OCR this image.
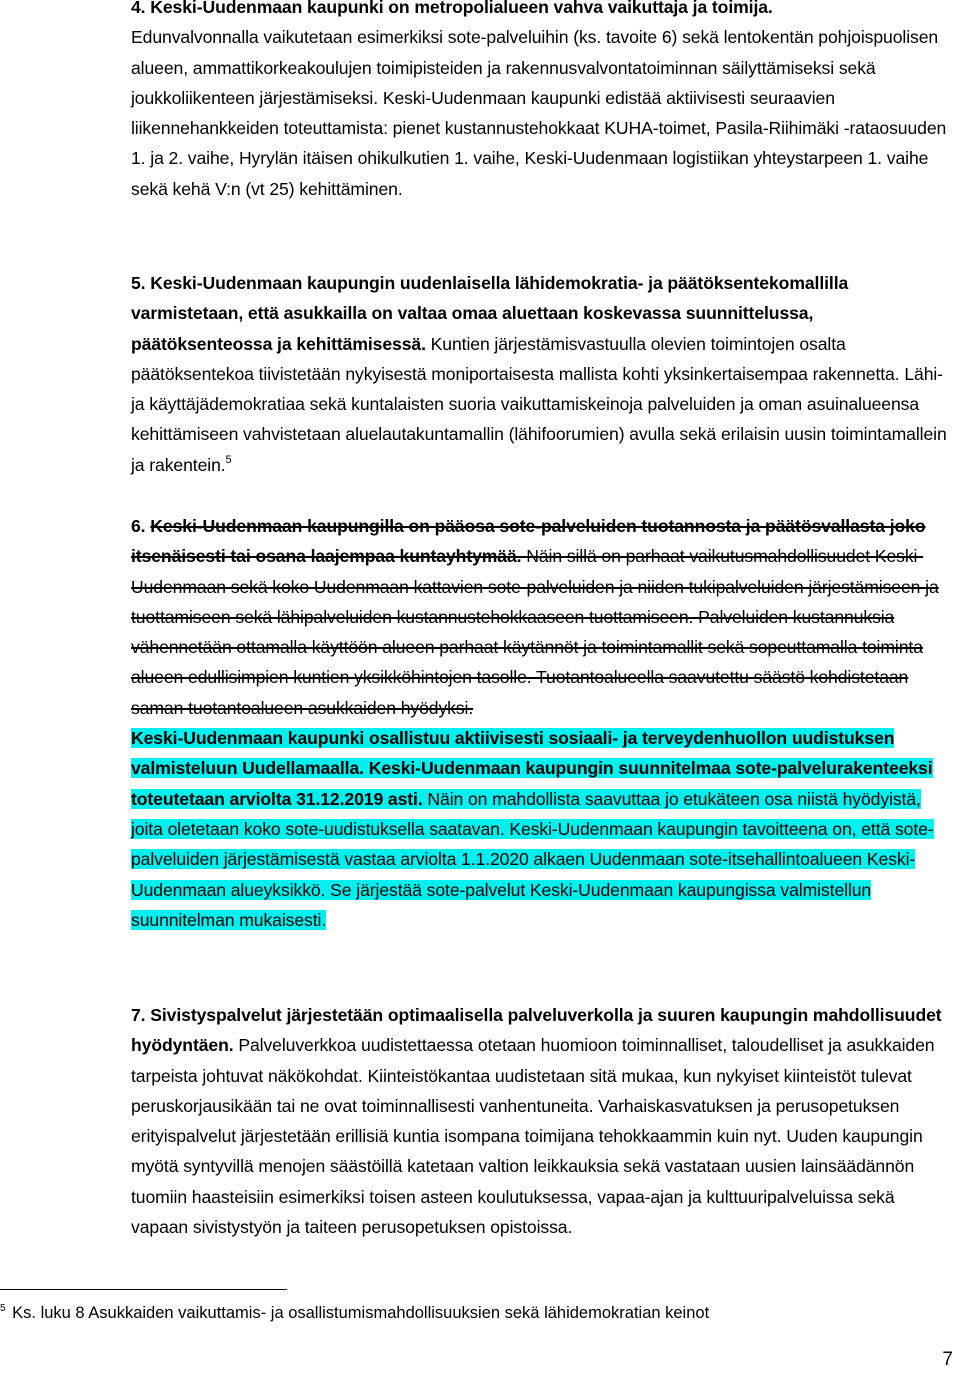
4. Keski-Uudenmaan kaupunki on metropolialueen vahva vaikuttaja ja toimija.
Edunvalvonnalla vaikutetaan esimerkiksi sote-palveluihin (ks. tavoite 6) sekä lentokentän pohjoispuolisen alueen, ammattikorkeakoulujen toimipisteiden ja rakennusvalvontatoiminnan säilyttämiseksi sekä joukkoliikenteen järjestämiseksi. Keski-Uudenmaan kaupunki edistää aktiivisesti seuraavien liikennehankkeiden toteuttamista: pienet kustannustehokkaat KUHA-toimet, Pasila-Riihimäki -rataosuuden 1. ja 2. vaihe, Hyrylän itäisen ohikulkutien 1. vaihe, Keski-Uudenmaan logistiikan yhteystarpeen 1. vaihe sekä kehä V:n (vt 25) kehittäminen.

5. Keski-Uudenmaan kaupungin uudenlaisella lähidemokratia- ja päätöksentekomallilla varmistetaan, että asukkailla on valtaa omaa aluettaan koskevassa suunnittelussa, päätöksenteossa ja kehittämisessä. Kuntien järjestämisvastuulla olevien toimintojen osalta päätöksentekoa tiivistetään nykyisestä moniportaisesta mallista kohti yksinkertaisempaa rakennetta. Lähi- ja käyttäjädemokratiaa sekä kuntalaisten suoria vaikuttamiskeinoja palveluiden ja oman asuinalueensa kehittämiseen vahvistetaan aluelautakuntamallin (lähifoorumien) avulla sekä erilaisin uusin toimintamallein ja rakentein.$^5$

6. Keski-Uudenmaan kaupungilla on pääosa sote-palveluiden tuotannosta ja päätösvallasta joko itsenäisesti tai osana laajempaa kuntayhtymää. Näin sillä on parhaat vaikutusmahdollisuudet Keski-Uudenmaan sekä koko Uudenmaan kattavien sote-palveluiden ja niiden tukipalveluiden järjestämiseen ja tuottamiseen sekä lähipalveluiden kustannustehokkaaseen tuottamiseen. Palveluiden kustannuksia vähennetään ottamalla käyttöön alueen parhaat käytännöt ja toimintamallit sekä sopeuttamalla toiminta alueen edullisimpien kuntien yksikköhintojen tasolle. Tuotantoalueella saavutettu säästö kohdistetaan saman tuotantoalueen asukkaiden hyödyksi.
Keski-Uudenmaan kaupunki osallistuu aktiivisesti sosiaali- ja terveydenhuollon uudistuksen valmisteluun Uudellamaalla. Keski-Uudenmaan kaupungin suunnitelmaa sote-palvelurakenteeksi toteutetaan arviolta 31.12.2019 asti. Näin on mahdollista saavuttaa jo etukäteen osa niistä hyödyistä, joita oletetaan koko sote-uudistuksella saatavan. Keski-Uudenmaan kaupungin tavoitteena on, että sote-palveluiden järjestämisestä vastaa arviolta 1.1.2020 alkaen Uudenmaan sote-itsehallintoalueen Keski-Uudenmaan alueyksikkö. Se järjestää sote-palvelut Keski-Uudenmaan kaupungissa valmistellun suunnitelman mukaisesti.

7. Sivistyspalvelut järjestetään optimaalisella palveluverkolla ja suuren kaupungin mahdollisuudet hyödyntäen. Palveluverkkoa uudistettaessa otetaan huomioon toiminnalliset, taloudelliset ja asukkaiden tarpeista johtuvat näkökohdat. Kiinteistökantaa uudistetaan sitä mukaa, kun nykyiset kiinteistöt tulevat peruskorjausikään tai ne ovat toiminnallisesti vanhentuneita. Varhaiskasvatuksen ja perusopetuksen erityispalvelut järjestetään erillisiä kuntia isompana toimijana tehokkaammin kuin nyt. Uuden kaupungin myötä syntyvillä menojen säästöillä katetaan valtion leikkauksia sekä vastataan uusien lainsäädännön tuomiin haasteisiin esimerkiksi toisen asteen koulutuksessa, vapaa-ajan ja kulttuuripalveluissa sekä vapaan sivistystyön ja taiteen perusopetuksen opistoissa.

$^5$ Ks. luku 8 Asukkaiden vaikuttamis- ja osallistumismahdollisuuksien sekä lähidemokratian keinot

7
